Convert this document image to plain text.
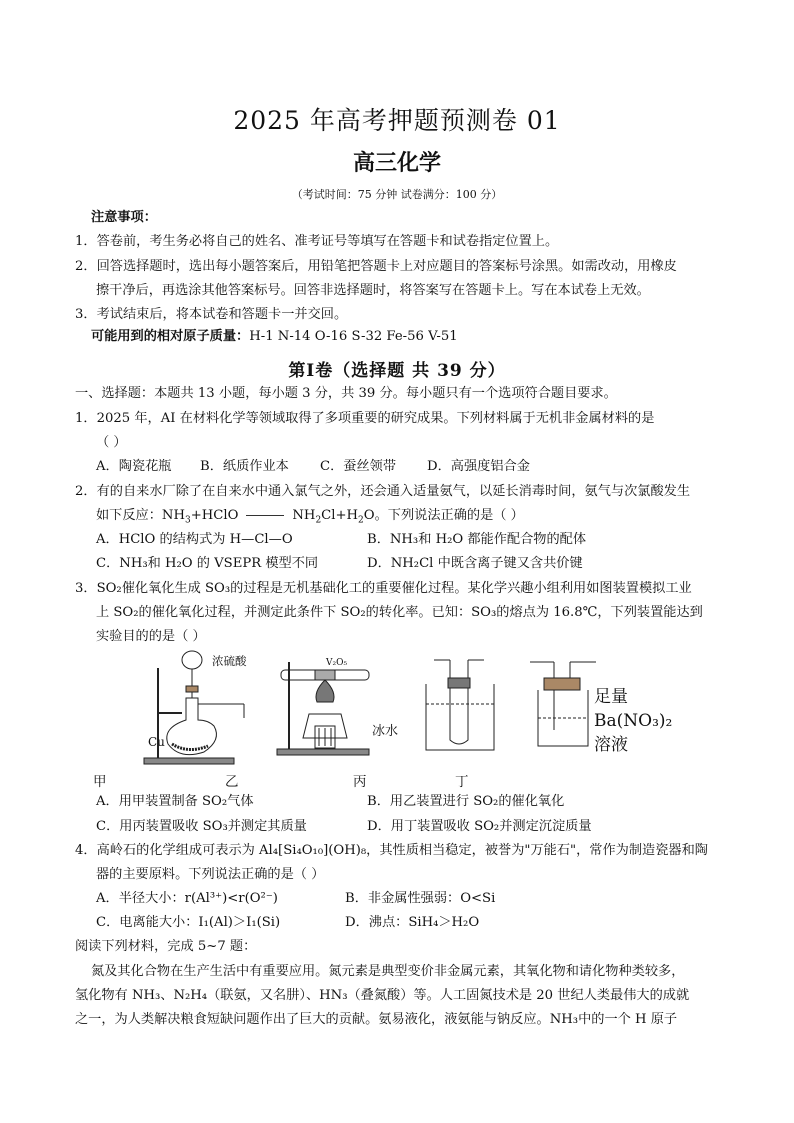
2025 年高考押题预测卷 01
高三化学
（考试时间：75 分钟 试卷满分：100 分）
注意事项：
1．答卷前，考生务必将自己的姓名、准考证号等填写在答题卡和试卷指定位置上。
2．回答选择题时，选出每小题答案后，用铅笔把答题卡上对应题目的答案标号涂黑。如需改动，用橡皮
擦干净后，再选涂其他答案标号。回答非选择题时，将答案写在答题卡上。写在本试卷上无效。
3．考试结束后，将本试卷和答题卡一并交回。
可能用到的相对原子质量：H-1 N-14 O-16 S-32 Fe-56 V-51
第Ⅰ卷（选择题 共 39 分）
一、选择题：本题共 13 小题，每小题 3 分，共 39 分。每小题只有一个选项符合题目要求。
1．2025 年，AI 在材料化学等领域取得了多项重要的研究成果。下列材料属于无机非金属材料的是
（ ）
A．陶瓷花瓶 B．纸质作业本 C．蚕丝领带 D．高强度铝合金
2．有的自来水厂除了在自来水中通入氯气之外，还会通入适量氨气，以延长消毒时间，氨气与次氯酸发生
如下反应：$NH_3+HClO$	$NH_2Cl+H_2O$。下列说法正确的是（ ）
A．HClO 的结构式为 H—Cl—O	B．NH₃和 H₂O 都能作配合物的配体
C．NH₃和 H₂O 的 VSEPR 模型不同	D．NH₂Cl 中既含离子键又含共价键
3．SO₂催化氧化生成 SO₃的过程是无机基础化工的重要催化过程。某化学兴趣小组利用如图装置模拟工业
上 SO₂的催化氧化过程，并测定此条件下 SO₂的转化率。已知：SO₃的熔点为 16.8℃，下列装置能达到
实验目的的是（ ）
浓硫酸
Cu
V₂O₅
冰水
足量
Ba(NO₃)₂
溶液
甲	乙	丙	丁
A．用甲装置制备 SO₂气体	B．用乙装置进行 SO₂的催化氧化
C．用丙装置吸收 SO₃并测定其质量	D．用丁装置吸收 SO₂并测定沉淀质量
4．高岭石的化学组成可表示为 Al₄[Si₄O₁₀](OH)₈，其性质相当稳定，被誉为"万能石"，常作为制造瓷器和陶
器的主要原料。下列说法正确的是（ ）
A．半径大小：r(Al³⁺)<r(O²⁻)	B．非金属性强弱：O<Si
C．电离能大小：I₁(Al)＞I₁(Si)	D．沸点：SiH₄＞H₂O
阅读下列材料，完成 5~7 题：
氮及其化合物在生产生活中有重要应用。氮元素是典型变价非金属元素，其氧化物和请化物种类较多，
氢化物有 NH₃、N₂H₄（联氨，又名肼）、HN₃（叠氮酸）等。人工固氮技术是 20 世纪人类最伟大的成就
之一，为人类解决粮食短缺问题作出了巨大的贡献。氨易液化，液氨能与钠反应。NH₃中的一个 H 原子
